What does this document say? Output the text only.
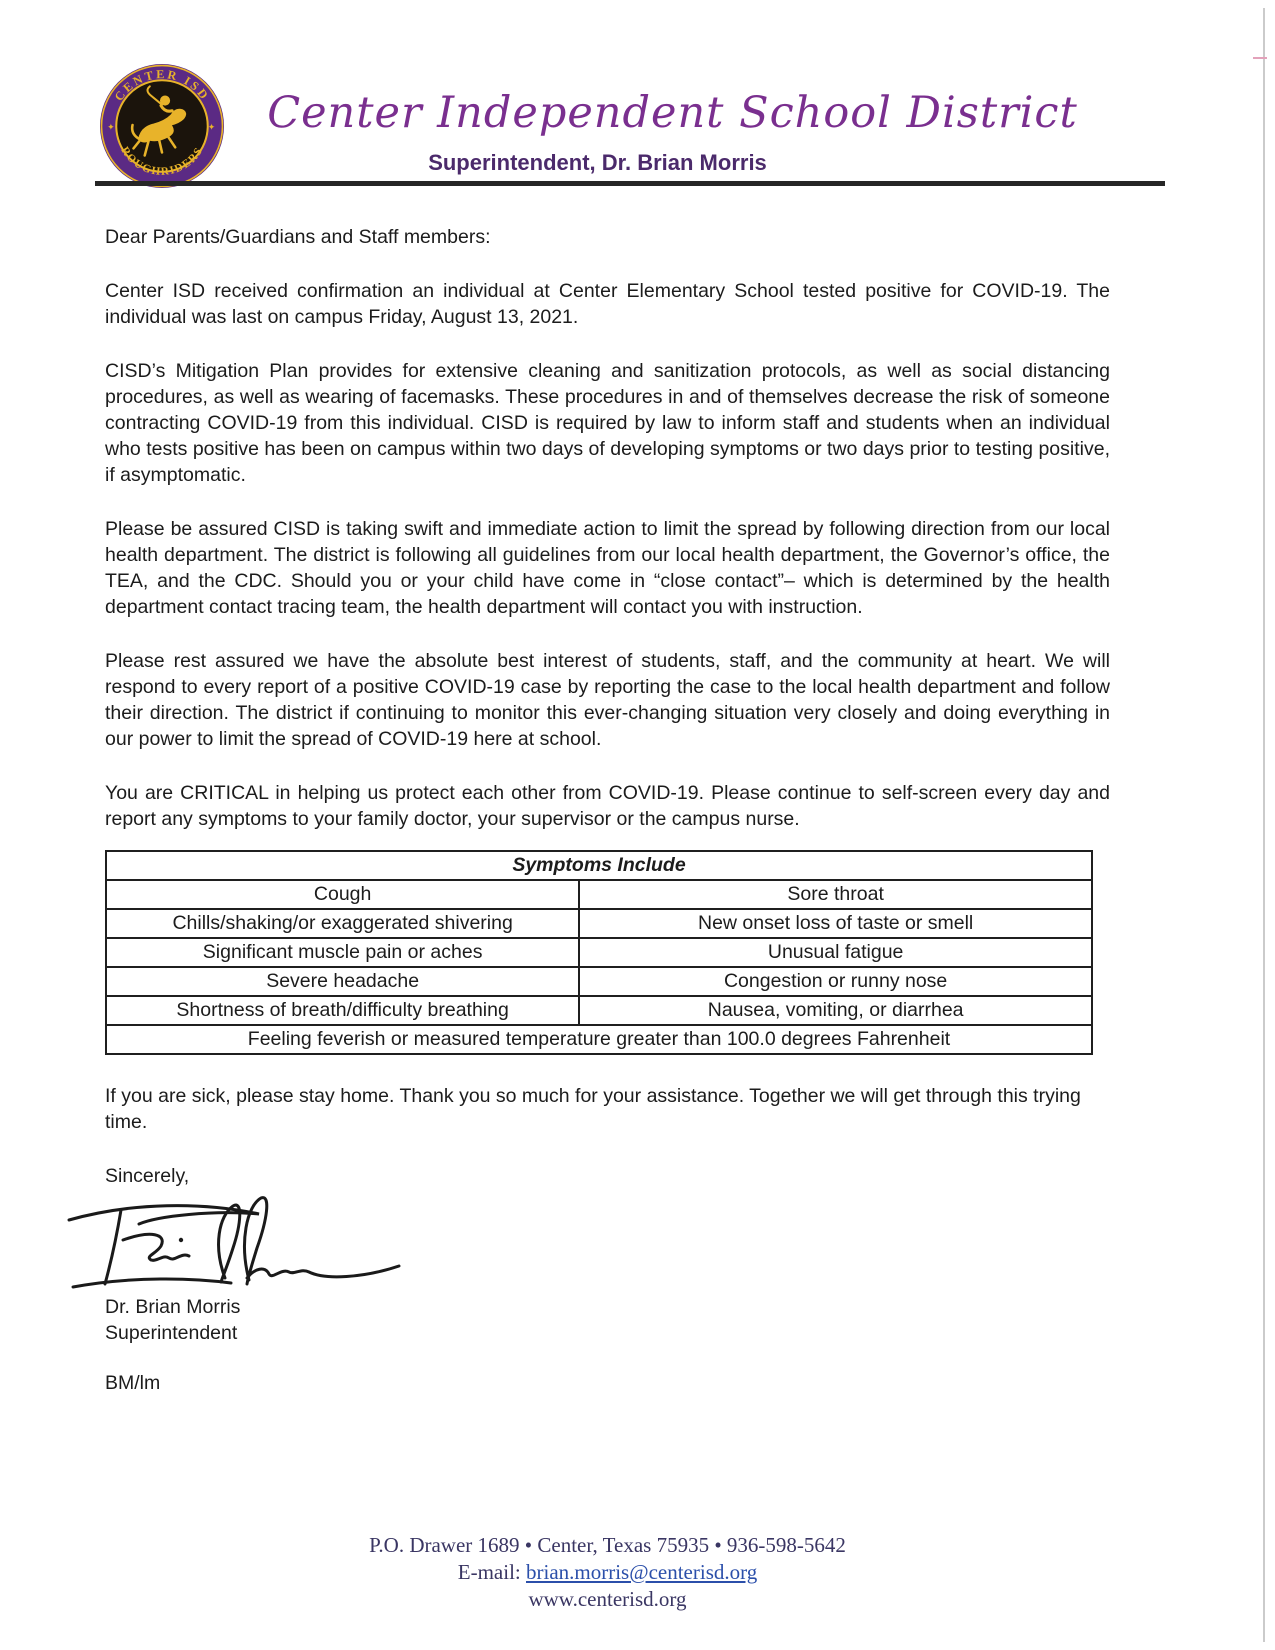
CENTER ISD
ROUGHRIDERS
✦	✦	Center Independent School District
Superintendent, Dr. Brian Morris

Dear Parents/Guardians and Staff members:

Center ISD received confirmation an individual at Center Elementary School tested positive for COVID-19. The individual was last on campus Friday, August 13, 2021.

CISD’s Mitigation Plan provides for extensive cleaning and sanitization protocols, as well as social distancing procedures, as well as wearing of facemasks. These procedures in and of themselves decrease the risk of someone contracting COVID-19 from this individual. CISD is required by law to inform staff and students when an individual who tests positive has been on campus within two days of developing symptoms or two days prior to testing positive, if asymptomatic.

Please be assured CISD is taking swift and immediate action to limit the spread by following direction from our local health department. The district is following all guidelines from our local health department, the Governor’s office, the TEA, and the CDC. Should you or your child have come in “close contact”– which is determined by the health department contact tracing team, the health department will contact you with instruction.

Please rest assured we have the absolute best interest of students, staff, and the community at heart. We will respond to every report of a positive COVID-19 case by reporting the case to the local health department and follow their direction. The district if continuing to monitor this ever-changing situation very closely and doing everything in our power to limit the spread of COVID-19 here at school.

You are CRITICAL in helping us protect each other from COVID-19. Please continue to self-screen every day and report any symptoms to your family doctor, your supervisor or the campus nurse.

Symptoms Include	
Cough	Sore throat
Chills/shaking/or exaggerated shivering	New onset loss of taste or smell
Significant muscle pain or aches	Unusual fatigue
Severe headache	Congestion or runny nose
Shortness of breath/difficulty breathing	Nausea, vomiting, or diarrhea
Feeling feverish or measured temperature greater than 100.0 degrees Fahrenheit	

If you are sick, please stay home. Thank you so much for your assistance. Together we will get through this trying time.

Sincerely,
Dr. Brian Morris
Superintendent
BM/lm
P.O. Drawer 1689 • Center, Texas 75935 • 936-598-5642
E-mail: brian.morris@centerisd.org
www.centerisd.org
